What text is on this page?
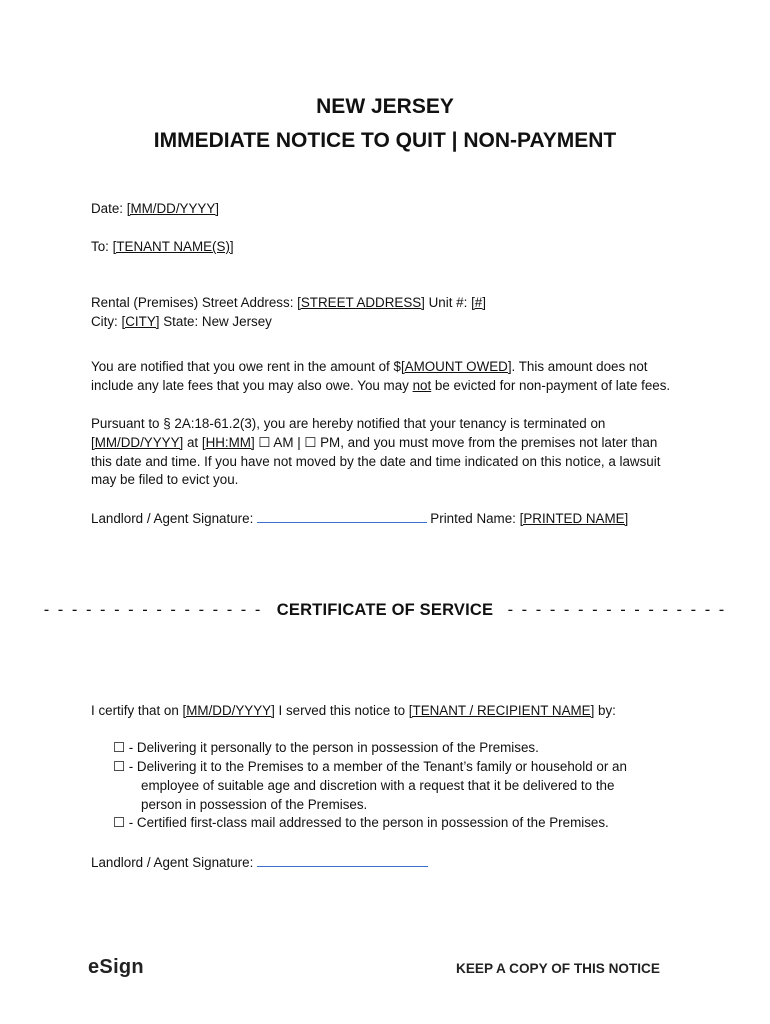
NEW JERSEY
IMMEDIATE NOTICE TO QUIT | NON-PAYMENT
Date: [MM/DD/YYYY]
To: [TENANT NAME(S)]
Rental (Premises) Street Address: [STREET ADDRESS] Unit #: [#]
City: [CITY] State: New Jersey
You are notified that you owe rent in the amount of $[AMOUNT OWED]. This amount does not
include any late fees that you may also owe. You may not be evicted for non-payment of late fees.
Pursuant to § 2A:18-61.2(3), you are hereby notified that your tenancy is terminated on
[MM/DD/YYYY] at [HH:MM] ☐ AM | ☐ PM, and you must move from the premises not later than
this date and time. If you have not moved by the date and time indicated on this notice, a lawsuit
may be filed to evict you.
Landlord / Agent Signature:	Printed Name: [PRINTED NAME]
- - - - - - - - - - - - - - - - CERTIFICATE OF SERVICE - - - - - - - - - - - - - - - -
I certify that on [MM/DD/YYYY] I served this notice to [TENANT / RECIPIENT NAME] by:
☐ - Delivering it personally to the person in possession of the Premises.
☐ - Delivering it to the Premises to a member of the Tenant’s family or household or an
employee of suitable age and discretion with a request that it be delivered to the
person in possession of the Premises.
☐ - Certified first-class mail addressed to the person in possession of the Premises.
Landlord / Agent Signature:
eSign	KEEP A COPY OF THIS NOTICE
